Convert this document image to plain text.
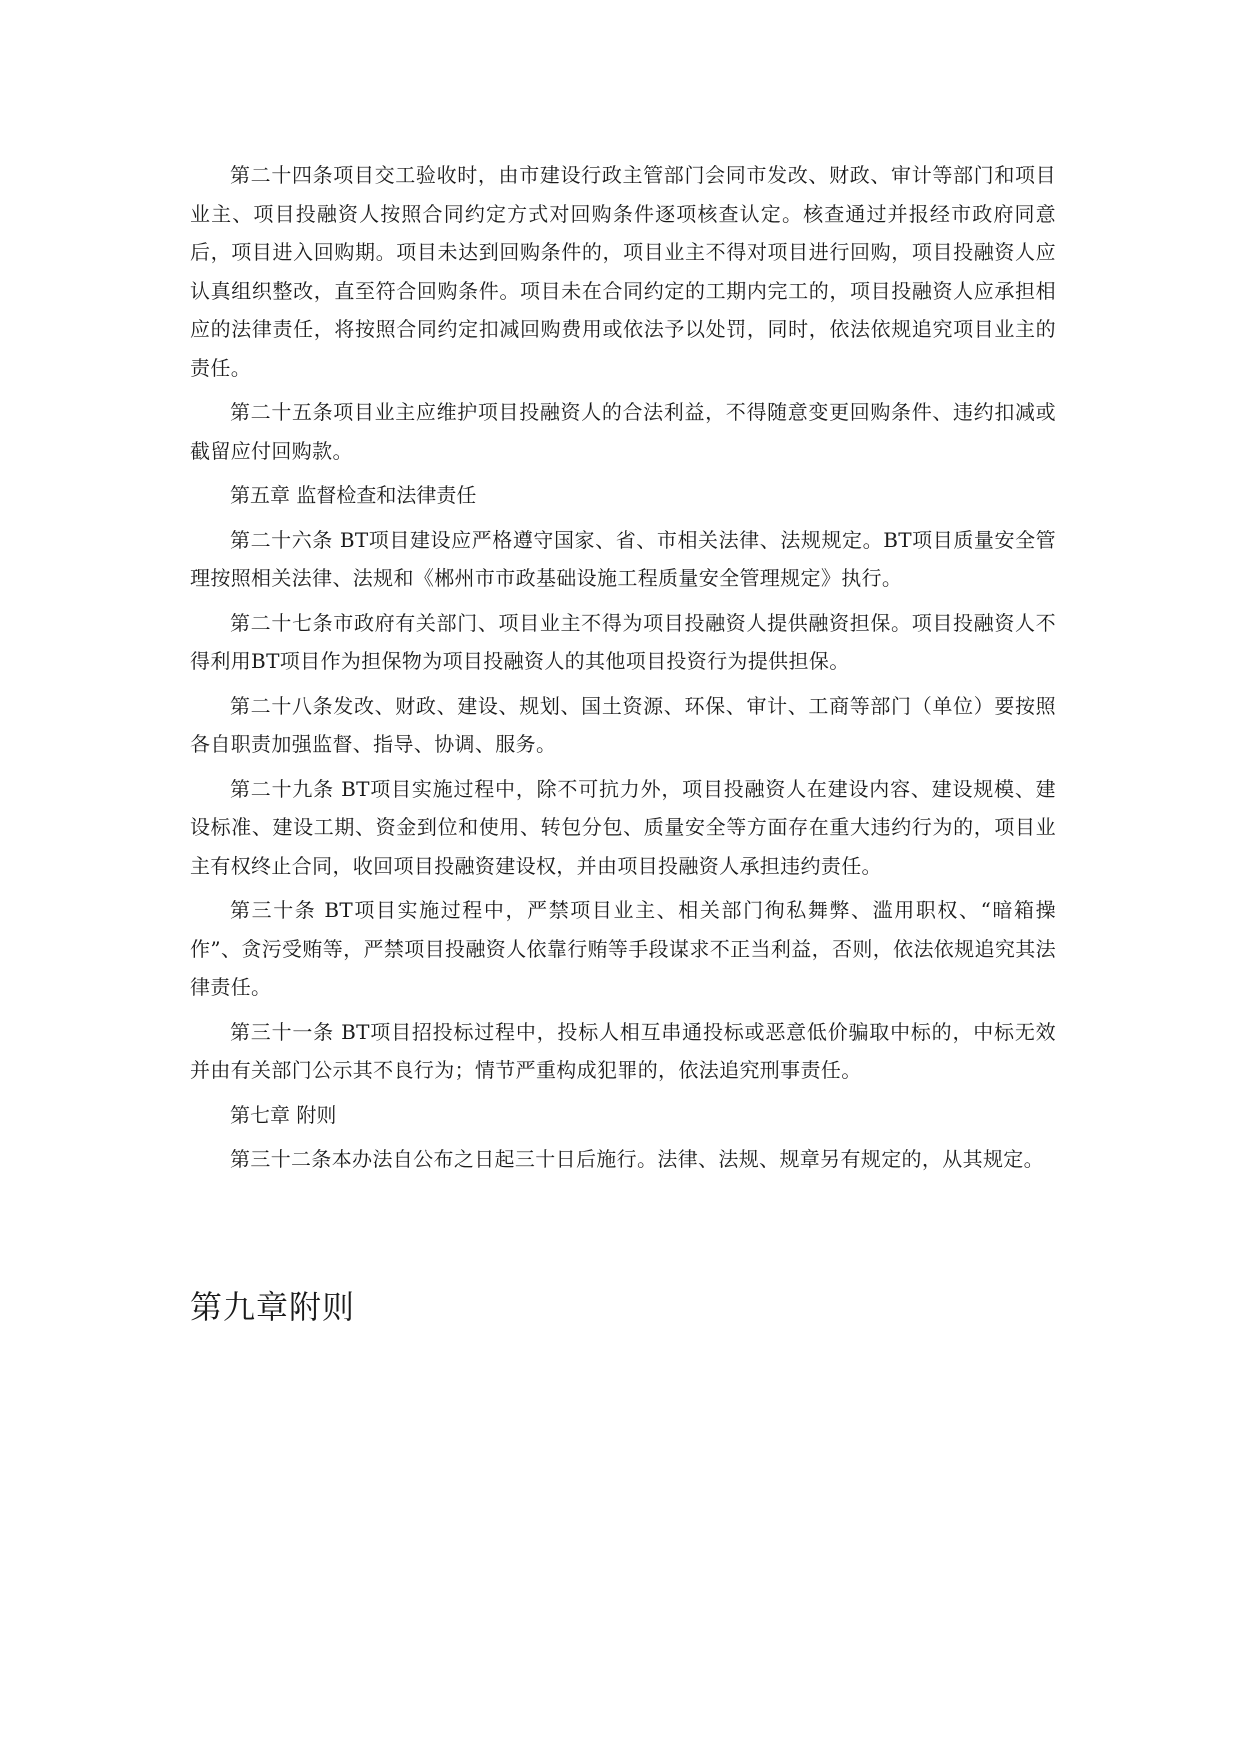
第二十四条项目交工验收时，由市建设行政主管部门会同市发改、财政、审计等部门和项目业主、项目投融资人按照合同约定方式对回购条件逐项核查认定。核查通过并报经市政府同意后，项目进入回购期。项目未达到回购条件的，项目业主不得对项目进行回购，项目投融资人应认真组织整改，直至符合回购条件。项目未在合同约定的工期内完工的，项目投融资人应承担相应的法律责任，将按照合同约定扣减回购费用或依法予以处罚，同时，依法依规追究项目业主的责任。

第二十五条项目业主应维护项目投融资人的合法利益，不得随意变更回购条件、违约扣减或截留应付回购款。

第五章 监督检查和法律责任

第二十六条 BT项目建设应严格遵守国家、省、市相关法律、法规规定。BT项目质量安全管理按照相关法律、法规和《郴州市市政基础设施工程质量安全管理规定》执行。

第二十七条市政府有关部门、项目业主不得为项目投融资人提供融资担保。项目投融资人不得利用BT项目作为担保物为项目投融资人的其他项目投资行为提供担保。

第二十八条发改、财政、建设、规划、国土资源、环保、审计、工商等部门（单位）要按照各自职责加强监督、指导、协调、服务。

第二十九条 BT项目实施过程中，除不可抗力外，项目投融资人在建设内容、建设规模、建设标准、建设工期、资金到位和使用、转包分包、质量安全等方面存在重大违约行为的，项目业主有权终止合同，收回项目投融资建设权，并由项目投融资人承担违约责任。

第三十条 BT项目实施过程中，严禁项目业主、相关部门徇私舞弊、滥用职权、“暗箱操作”、贪污受贿等，严禁项目投融资人依靠行贿等手段谋求不正当利益，否则，依法依规追究其法律责任。

第三十一条 BT项目招投标过程中，投标人相互串通投标或恶意低价骗取中标的，中标无效并由有关部门公示其不良行为；情节严重构成犯罪的，依法追究刑事责任。

第七章 附则

第三十二条本办法自公布之日起三十日后施行。法律、法规、规章另有规定的，从其规定。

第九章附则
